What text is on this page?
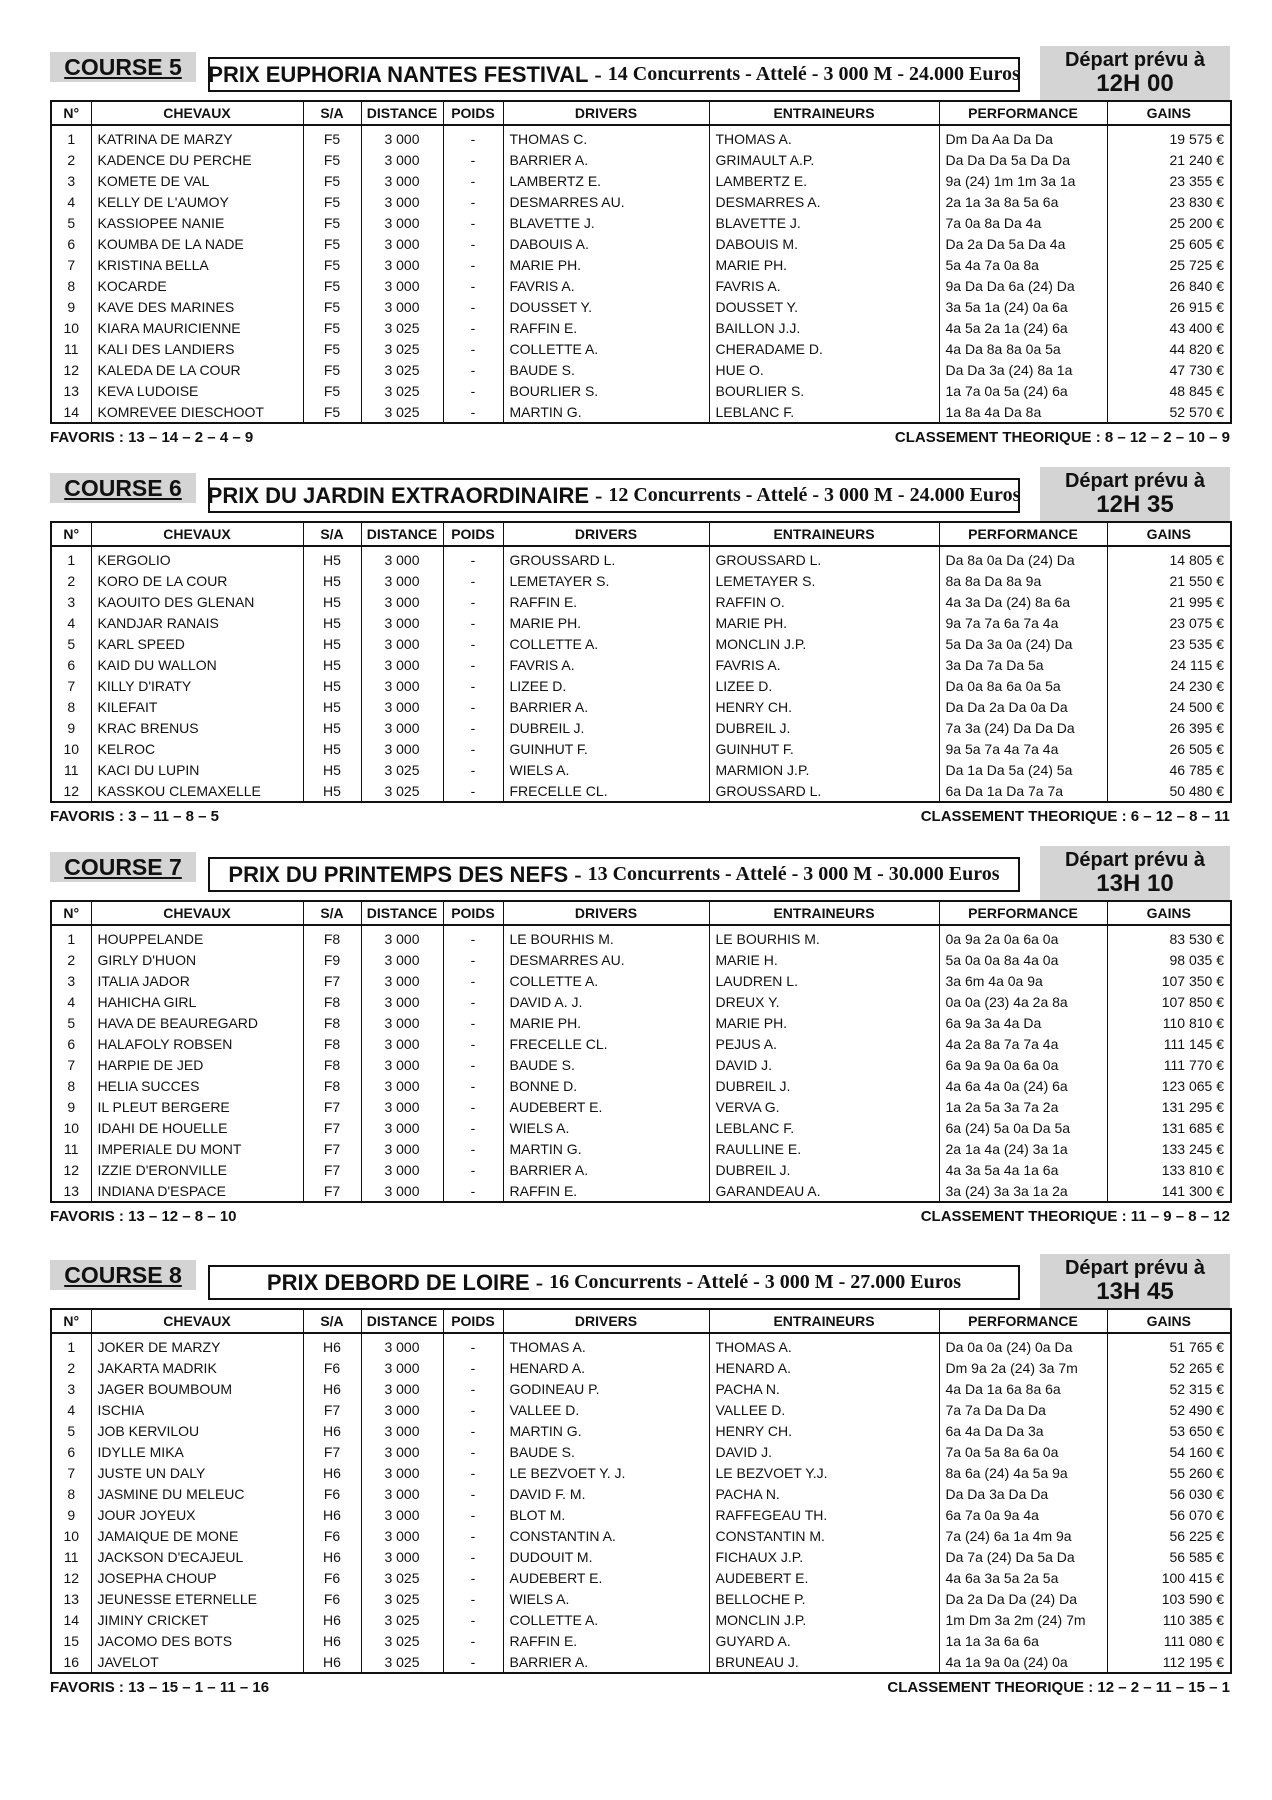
COURSE 5 PRIX EUPHORIA NANTES FESTIVAL - 14 Concurrents - Attelé - 3 000 M - 24.000 Euros
Départ prévu à
12H 00
N°	CHEVAUX	S/A	DISTANCE	POIDS	DRIVERS	ENTRAINEURS	PERFORMANCE	GAINS
1	KATRINA DE MARZY	F5	3 000	-	THOMAS C.	THOMAS A.	Dm Da Aa Da Da	19 575 €
2	KADENCE DU PERCHE	F5	3 000	-	BARRIER A.	GRIMAULT A.P.	Da Da Da 5a Da Da	21 240 €
3	KOMETE DE VAL	F5	3 000	-	LAMBERTZ E.	LAMBERTZ E.	9a (24) 1m 1m 3a 1a	23 355 €
4	KELLY DE L'AUMOY	F5	3 000	-	DESMARRES AU.	DESMARRES A.	2a 1a 3a 8a 5a 6a	23 830 €
5	KASSIOPEE NANIE	F5	3 000	-	BLAVETTE J.	BLAVETTE J.	7a 0a 8a Da 4a	25 200 €
6	KOUMBA DE LA NADE	F5	3 000	-	DABOUIS A.	DABOUIS M.	Da 2a Da 5a Da 4a	25 605 €
7	KRISTINA BELLA	F5	3 000	-	MARIE PH.	MARIE PH.	5a 4a 7a 0a 8a	25 725 €
8	KOCARDE	F5	3 000	-	FAVRIS A.	FAVRIS A.	9a Da Da 6a (24) Da	26 840 €
9	KAVE DES MARINES	F5	3 000	-	DOUSSET Y.	DOUSSET Y.	3a 5a 1a (24) 0a 6a	26 915 €
10	KIARA MAURICIENNE	F5	3 025	-	RAFFIN E.	BAILLON J.J.	4a 5a 2a 1a (24) 6a	43 400 €
11	KALI DES LANDIERS	F5	3 025	-	COLLETTE A.	CHERADAME D.	4a Da 8a 8a 0a 5a	44 820 €
12	KALEDA DE LA COUR	F5	3 025	-	BAUDE S.	HUE O.	Da Da 3a (24) 8a 1a	47 730 €
13	KEVA LUDOISE	F5	3 025	-	BOURLIER S.	BOURLIER S.	1a 7a 0a 5a (24) 6a	48 845 €
14	KOMREVEE DIESCHOOT	F5	3 025	-	MARTIN G.	LEBLANC F.	1a 8a 4a Da 8a	52 570 €
FAVORIS : 13 – 14 – 2 – 4 – 9	CLASSEMENT THEORIQUE : 8 – 12 – 2 – 10 – 9
COURSE 6 PRIX DU JARDIN EXTRAORDINAIRE - 12 Concurrents - Attelé - 3 000 M - 24.000 Euros
Départ prévu à
12H 35
N°	CHEVAUX	S/A	DISTANCE	POIDS	DRIVERS	ENTRAINEURS	PERFORMANCE	GAINS
1	KERGOLIO	H5	3 000	-	GROUSSARD L.	GROUSSARD L.	Da 8a 0a Da (24) Da	14 805 €
2	KORO DE LA COUR	H5	3 000	-	LEMETAYER S.	LEMETAYER S.	8a 8a Da 8a 9a	21 550 €
3	KAOUITO DES GLENAN	H5	3 000	-	RAFFIN E.	RAFFIN O.	4a 3a Da (24) 8a 6a	21 995 €
4	KANDJAR RANAIS	H5	3 000	-	MARIE PH.	MARIE PH.	9a 7a 7a 6a 7a 4a	23 075 €
5	KARL SPEED	H5	3 000	-	COLLETTE A.	MONCLIN J.P.	5a Da 3a 0a (24) Da	23 535 €
6	KAID DU WALLON	H5	3 000	-	FAVRIS A.	FAVRIS A.	3a Da 7a Da 5a	24 115 €
7	KILLY D'IRATY	H5	3 000	-	LIZEE D.	LIZEE D.	Da 0a 8a 6a 0a 5a	24 230 €
8	KILEFAIT	H5	3 000	-	BARRIER A.	HENRY CH.	Da Da 2a Da 0a Da	24 500 €
9	KRAC BRENUS	H5	3 000	-	DUBREIL J.	DUBREIL J.	7a 3a (24) Da Da Da	26 395 €
10	KELROC	H5	3 000	-	GUINHUT F.	GUINHUT F.	9a 5a 7a 4a 7a 4a	26 505 €
11	KACI DU LUPIN	H5	3 025	-	WIELS A.	MARMION J.P.	Da 1a Da 5a (24) 5a	46 785 €
12	KASSKOU CLEMAXELLE	H5	3 025	-	FRECELLE CL.	GROUSSARD L.	6a Da 1a Da 7a 7a	50 480 €
FAVORIS : 3 – 11 – 8 – 5	CLASSEMENT THEORIQUE : 6 – 12 – 8 – 11
COURSE 7 PRIX DU PRINTEMPS DES NEFS - 13 Concurrents - Attelé - 3 000 M - 30.000 Euros
Départ prévu à
13H 10
N°	CHEVAUX	S/A	DISTANCE	POIDS	DRIVERS	ENTRAINEURS	PERFORMANCE	GAINS
1	HOUPPELANDE	F8	3 000	-	LE BOURHIS M.	LE BOURHIS M.	0a 9a 2a 0a 6a 0a	83 530 €
2	GIRLY D'HUON	F9	3 000	-	DESMARRES AU.	MARIE H.	5a 0a 0a 8a 4a 0a	98 035 €
3	ITALIA JADOR	F7	3 000	-	COLLETTE A.	LAUDREN L.	3a 6m 4a 0a 9a	107 350 €
4	HAHICHA GIRL	F8	3 000	-	DAVID A. J.	DREUX Y.	0a 0a (23) 4a 2a 8a	107 850 €
5	HAVA DE BEAUREGARD	F8	3 000	-	MARIE PH.	MARIE PH.	6a 9a 3a 4a Da	110 810 €
6	HALAFOLY ROBSEN	F8	3 000	-	FRECELLE CL.	PEJUS A.	4a 2a 8a 7a 7a 4a	111 145 €
7	HARPIE DE JED	F8	3 000	-	BAUDE S.	DAVID J.	6a 9a 9a 0a 6a 0a	111 770 €
8	HELIA SUCCES	F8	3 000	-	BONNE D.	DUBREIL J.	4a 6a 4a 0a (24) 6a	123 065 €
9	IL PLEUT BERGERE	F7	3 000	-	AUDEBERT E.	VERVA G.	1a 2a 5a 3a 7a 2a	131 295 €
10	IDAHI DE HOUELLE	F7	3 000	-	WIELS A.	LEBLANC F.	6a (24) 5a 0a Da 5a	131 685 €
11	IMPERIALE DU MONT	F7	3 000	-	MARTIN G.	RAULLINE E.	2a 1a 4a (24) 3a 1a	133 245 €
12	IZZIE D'ERONVILLE	F7	3 000	-	BARRIER A.	DUBREIL J.	4a 3a 5a 4a 1a 6a	133 810 €
13	INDIANA D'ESPACE	F7	3 000	-	RAFFIN E.	GARANDEAU A.	3a (24) 3a 3a 1a 2a	141 300 €
FAVORIS : 13 – 12 – 8 – 10	CLASSEMENT THEORIQUE : 11 – 9 – 8 – 12
COURSE 8	PRIX DEBORD DE LOIRE - 16 Concurrents - Attelé - 3 000 M - 27.000 Euros
Départ prévu à
13H 45
N°	CHEVAUX	S/A	DISTANCE	POIDS	DRIVERS	ENTRAINEURS	PERFORMANCE	GAINS
1	JOKER DE MARZY	H6	3 000	-	THOMAS A.	THOMAS A.	Da 0a 0a (24) 0a Da	51 765 €
2	JAKARTA MADRIK	F6	3 000	-	HENARD A.	HENARD A.	Dm 9a 2a (24) 3a 7m	52 265 €
3	JAGER BOUMBOUM	H6	3 000	-	GODINEAU P.	PACHA N.	4a Da 1a 6a 8a 6a	52 315 €
4	ISCHIA	F7	3 000	-	VALLEE D.	VALLEE D.	7a 7a Da Da Da	52 490 €
5	JOB KERVILOU	H6	3 000	-	MARTIN G.	HENRY CH.	6a 4a Da Da 3a	53 650 €
6	IDYLLE MIKA	F7	3 000	-	BAUDE S.	DAVID J.	7a 0a 5a 8a 6a 0a	54 160 €
7	JUSTE UN DALY	H6	3 000	-	LE BEZVOET Y. J.	LE BEZVOET Y.J.	8a 6a (24) 4a 5a 9a	55 260 €
8	JASMINE DU MELEUC	F6	3 000	-	DAVID F. M.	PACHA N.	Da Da 3a Da Da	56 030 €
9	JOUR JOYEUX	H6	3 000	-	BLOT M.	RAFFEGEAU TH.	6a 7a 0a 9a 4a	56 070 €
10	JAMAIQUE DE MONE	F6	3 000	-	CONSTANTIN A.	CONSTANTIN M.	7a (24) 6a 1a 4m 9a	56 225 €
11	JACKSON D'ECAJEUL	H6	3 000	-	DUDOUIT M.	FICHAUX J.P.	Da 7a (24) Da 5a Da	56 585 €
12	JOSEPHA CHOUP	F6	3 025	-	AUDEBERT E.	AUDEBERT E.	4a 6a 3a 5a 2a 5a	100 415 €
13	JEUNESSE ETERNELLE	F6	3 025	-	WIELS A.	BELLOCHE P.	Da 2a Da Da (24) Da	103 590 €
14	JIMINY CRICKET	H6	3 025	-	COLLETTE A.	MONCLIN J.P.	1m Dm 3a 2m (24) 7m	110 385 €
15	JACOMO DES BOTS	H6	3 025	-	RAFFIN E.	GUYARD A.	1a 1a 3a 6a 6a	111 080 €
16	JAVELOT	H6	3 025	-	BARRIER A.	BRUNEAU J.	4a 1a 9a 0a (24) 0a	112 195 €
FAVORIS : 13 – 15 – 1 – 11 – 16	CLASSEMENT THEORIQUE : 12 – 2 – 11 – 15 – 1
